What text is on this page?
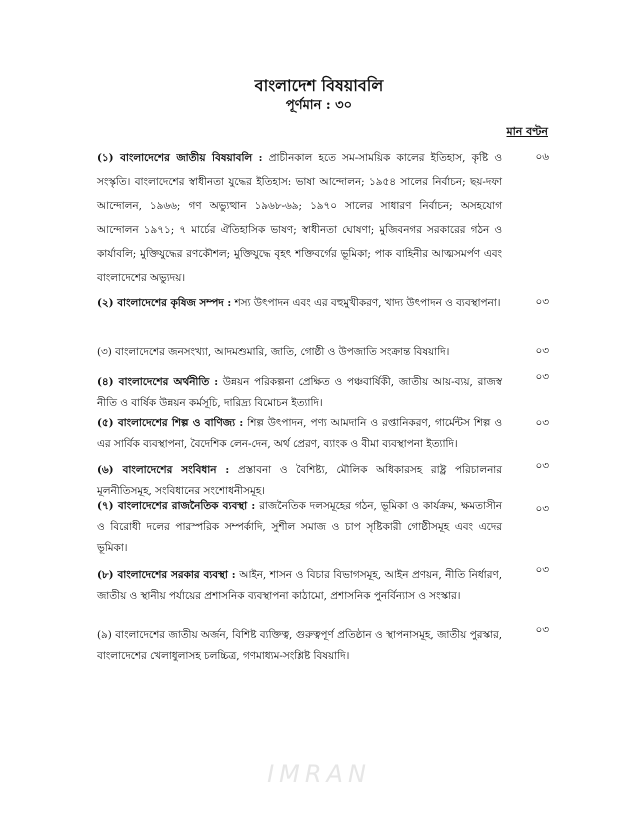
বাংলাদেশ বিষয়াবলি
পূর্ণমান : ৩০
মান বণ্টন

(১) বাংলাদেশের জাতীয় বিষয়াবলি : প্রাচীনকাল হতে সম-সাময়িক কালের ইতিহাস, কৃষ্টি ও সংস্কৃতি। বাংলাদেশের স্বাধীনতা যুদ্ধের ইতিহাস: ভাষা আন্দোলন; ১৯৫৪ সালের নির্বাচন; ছয়-দফা আন্দোলন, ১৯৬৬; গণ অভ্যুত্থান ১৯৬৮-৬৯; ১৯৭০ সালের সাধারণ নির্বাচন; অসহযোগ আন্দোলন ১৯৭১; ৭ মার্চের ঐতিহাসিক ভাষণ; স্বাধীনতা ঘোষণা; মুজিবনগর সরকারের গঠন ও কার্যাবলি; মুক্তিযুদ্ধের রণকৌশল; মুক্তিযুদ্ধে বৃহৎ শক্তিবর্গের ভূমিকা; পাক বাহিনীর আত্মসমর্পণ এবং বাংলাদেশের অভ্যুদয়।

০৬

(২) বাংলাদেশের কৃষিজ সম্পদ : শস্য উৎপাদন এবং এর বহুমুখীকরণ, খাদ্য উৎপাদন ও ব্যবস্থাপনা।	০৩

(৩) বাংলাদেশের জনসংখ্যা, আদমশুমারি, জাতি, গোষ্ঠী ও উপজাতি সংক্রান্ত বিষয়াদি।	০৩

(৪) বাংলাদেশের অর্থনীতি : উন্নয়ন পরিকল্পনা প্রেক্ষিত ও পঞ্চবার্ষিকী, জাতীয় আয়-ব্যয়, রাজস্ব নীতি ও বার্ষিক উন্নয়ন কর্মসূচি, দারিদ্র্য বিমোচন ইত্যাদি।

০৩

(৫) বাংলাদেশের শিল্প ও বাণিজ্য : শিল্প উৎপাদন, পণ্য আমদানি ও রপ্তানিকরণ, গার্মেন্টস শিল্প ও এর সার্বিক ব্যবস্থাপনা, বৈদেশিক লেন-দেন, অর্থ প্রেরণ, ব্যাংক ও বীমা ব্যবস্থাপনা ইত্যাদি।

০৩

(৬) বাংলাদেশের সংবিধান : প্রস্তাবনা ও বৈশিষ্ট্য, মৌলিক অধিকারসহ রাষ্ট্র পরিচালনার মূলনীতিসমূহ, সংবিধানের সংশোধনীসমূহ।

০৩

(৭) বাংলাদেশের রাজনৈতিক ব্যবস্থা : রাজনৈতিক দলসমূহের গঠন, ভূমিকা ও কার্যক্রম, ক্ষমতাসীন ও বিরোধী দলের পারস্পরিক সম্পর্কাদি, সুশীল সমাজ ও চাপ সৃষ্টিকারী গোষ্ঠীসমূহ এবং এদের ভূমিকা।

০৩

(৮) বাংলাদেশের সরকার ব্যবস্থা : আইন, শাসন ও বিচার বিভাগসমূহ, আইন প্রণয়ন, নীতি নির্ধারণ, জাতীয় ও স্থানীয় পর্যায়ের প্রশাসনিক ব্যবস্থাপনা কাঠামো, প্রশাসনিক পুনর্বিন্যাস ও সংস্কার।

০৩

(৯) বাংলাদেশের জাতীয় অর্জন, বিশিষ্ট ব্যক্তিত্ব, গুরুত্বপূর্ণ প্রতিষ্ঠান ও স্থাপনাসমূহ, জাতীয় পুরস্কার, বাংলাদেশের খেলাধুলাসহ চলচ্চিত্র, গণমাধ্যম-সংশ্লিষ্ট বিষয়াদি।

০৩
IMRAN
